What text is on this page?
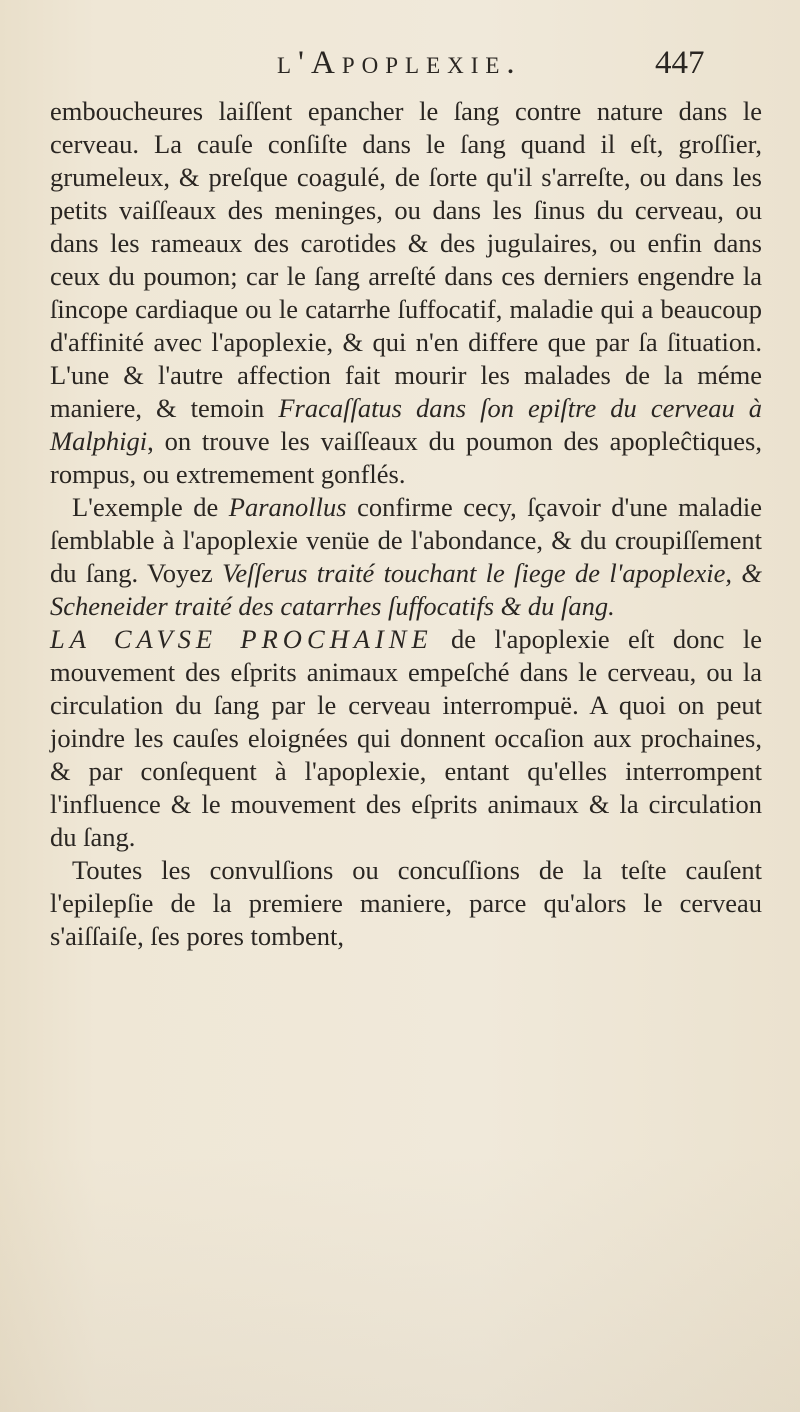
l'Apoplexie.	447

emboucheures laiſſent epancher le ſang contre nature dans le cerveau. La cauſe conſiſte dans le ſang quand il eſt, groſſier, grumeleux, & preſque coagulé, de ſorte qu'il s'arreſte, ou dans les petits vaiſſeaux des meninges, ou dans les ſinus du cerveau, ou dans les rameaux des carotides & des jugulaires, ou enfin dans ceux du poumon; car le ſang arreſté dans ces derniers engendre la ſincope cardiaque ou le catarrhe ſuffocatif, maladie qui a beaucoup d'affinité avec l'apoplexie, & qui n'en differe que par ſa ſituation. L'une & l'autre affection fait mourir les malades de la méme maniere, & temoin Fracaſſatus dans ſon epiſtre du cerveau à Malphigi, on trouve les vaiſſeaux du poumon des apopleĉtiques, rompus, ou extremement gonflés.

L'exemple de Paranollus confirme cecy, ſçavoir d'une maladie ſemblable à l'apoplexie venüe de l'abondance, & du croupiſſement du ſang. Voyez Veſſerus traité touchant le ſiege de l'apoplexie, & Scheneider traité des catarrhes ſuffocatifs & du ſang.

LA CAVSE PROCHAINE de l'apoplexie eſt donc le mouvement des eſprits animaux empeſché dans le cerveau, ou la circulation du ſang par le cerveau interrompuë. A quoi on peut joindre les cauſes eloignées qui donnent occaſion aux prochaines, & par conſequent à l'apoplexie, entant qu'elles interrompent l'influence & le mouvement des eſprits animaux & la circulation du ſang.

Toutes les convulſions ou concuſſions de la teſte cauſent l'epilepſie de la premiere maniere, parce qu'alors le cerveau s'aiſſaiſe, ſes pores tombent,
